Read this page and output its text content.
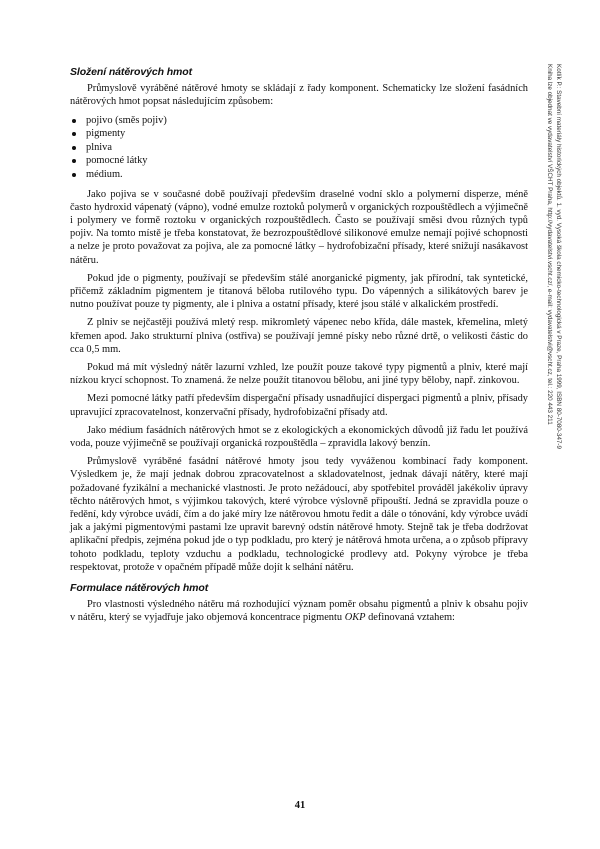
Složení nátěrových hmot

Průmyslově vyráběné nátěrové hmoty se skládají z řady komponent. Schematicky lze složení fasádních nátěrových hmot popsat následujícím způsobem:

pojivo (směs pojiv)
pigmenty
plniva
pomocné látky
médium.

Jako pojiva se v současné době používají především draselné vodní sklo a polymerní disperze, méně často hydroxid vápenatý (vápno), vodné emulze roztoků polymerů v organických rozpouštědlech a výjimečně i polymery ve formě roztoku v organických rozpouštědlech. Často se používají směsi dvou různých typů pojiv. Na tomto místě je třeba konstatovat, že bezrozpouštědlové silikonové emulze nemají pojivé schopnosti a nelze je proto považovat za pojiva, ale za pomocné látky – hydrofobizační přísady, které snižují nasákavost nátěru.

Pokud jde o pigmenty, používají se především stálé anorganické pigmenty, jak přírodní, tak syntetické, přičemž základním pigmentem je titanová běloba rutilového typu. Do vápenných a silikátových barev je nutno používat pouze ty pigmenty, ale i plniva a ostatní přísady, které jsou stálé v alkalickém prostředí.

Z plniv se nejčastěji používá mletý resp. mikromletý vápenec nebo křída, dále mastek, křemelina, mletý křemen apod. Jako strukturní plniva (ostřiva) se používají jemné písky nebo různé drtě, o velikosti částic do cca 0,5 mm.

Pokud má mít výsledný nátěr lazurní vzhled, lze použít pouze takové typy pigmentů a plniv, které mají nízkou krycí schopnost. To znamená. že nelze použít titanovou bělobu, ani jiné typy běloby, např. zinkovou.

Mezi pomocné látky patří především dispergační přísady usnadňující dispergaci pigmentů a plniv, přísady upravující zpracovatelnost, konzervační přísady, hydrofobizační přísady atd.

Jako médium fasádních nátěrových hmot se z ekologických a ekonomických důvodů již řadu let používá voda, pouze výjimečně se používají organická rozpouštědla – zpravidla lakový benzín.

Průmyslově vyráběné fasádní nátěrové hmoty jsou tedy vyváženou kombinací řady komponent. Výsledkem je, že mají jednak dobrou zpracovatelnost a skladovatelnost, jednak dávají nátěry, které mají požadované fyzikální a mechanické vlastnosti. Je proto nežádoucí, aby spotřebitel prováděl jakékoliv úpravy těchto nátěrových hmot, s výjimkou takových, které výrobce výslovně připouští. Jedná se zpravidla pouze o ředění, kdy výrobce uvádí, čím a do jaké míry lze nátěrovou hmotu ředit a dále o tónování, kdy výrobce uvádí jak a jakými pigmentovými pastami lze upravit barevný odstín nátěrové hmoty. Stejně tak je třeba dodržovat aplikační předpis, zejména pokud jde o typ podkladu, pro který je nátěrová hmota určena, a o způsob přípravy tohoto podkladu, teploty vzduchu a podkladu, technologické prodlevy atd. Pokyny výrobce je třeba respektovat, protože v opačném případě může dojít k selhání nátěru.

Formulace nátěrových hmot

Pro vlastnosti výsledného nátěru má rozhodující význam poměr obsahu pigmentů a plniv k obsahu pojiv v nátěru, který se vyjadřuje jako objemová koncentrace pigmentu OKP definovaná vztahem:

Kotlík P.: Stavební materiály historických objektů. 1. vyd. Vysoká škola chemicko-technologická v Praze, Praha 1999, ISBN 80-7080-347-9
Kniha lze objednat ve vydavatelství VŠCHT Praha, http://vydavatelstvi.vscht.cz/, e-mail: vydavatelstvi@vscht.cz, tel.: 220 443 211
41
